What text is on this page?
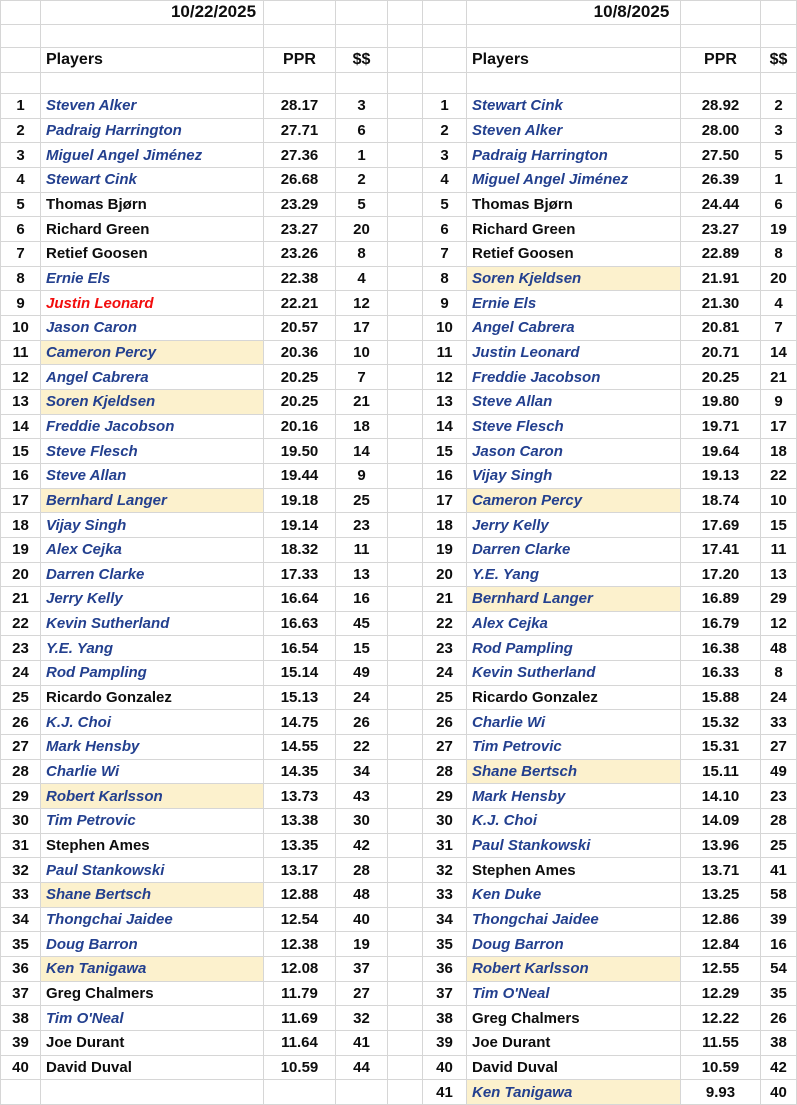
Players	PPR	$$	Players	PPR	$$
1	Steven Alker	28.17	3	1	Stewart Cink	28.92	2
2	Padraig Harrington	27.71	6	2	Steven Alker	28.00	3
3	Miguel Angel Jiménez	27.36	1	3	Padraig Harrington	27.50	5
4	Stewart Cink	26.68	2	4	Miguel Angel Jiménez	26.39	1
5	Thomas Bjørn	23.29	5	5	Thomas Bjørn	24.44	6
6	Richard Green	23.27	20	6	Richard Green	23.27	19
7	Retief Goosen	23.26	8	7	Retief Goosen	22.89	8
8	Ernie Els	22.38	4	8	Soren Kjeldsen	21.91	20
9	Justin Leonard	22.21	12	9	Ernie Els	21.30	4
10	Jason Caron	20.57	17	10	Angel Cabrera	20.81	7
11	Cameron Percy	20.36	10	11	Justin Leonard	20.71	14
12	Angel Cabrera	20.25	7	12	Freddie Jacobson	20.25	21
13	Soren Kjeldsen	20.25	21	13	Steve Allan	19.80	9
14	Freddie Jacobson	20.16	18	14	Steve Flesch	19.71	17
15	Steve Flesch	19.50	14	15	Jason Caron	19.64	18
16	Steve Allan	19.44	9	16	Vijay Singh	19.13	22
17	Bernhard Langer	19.18	25	17	Cameron Percy	18.74	10
18	Vijay Singh	19.14	23	18	Jerry Kelly	17.69	15
19	Alex Cejka	18.32	11	19	Darren Clarke	17.41	11
20	Darren Clarke	17.33	13	20	Y.E. Yang	17.20	13
21	Jerry Kelly	16.64	16	21	Bernhard Langer	16.89	29
22	Kevin Sutherland	16.63	45	22	Alex Cejka	16.79	12
23	Y.E. Yang	16.54	15	23	Rod Pampling	16.38	48
24	Rod Pampling	15.14	49	24	Kevin Sutherland	16.33	8
25	Ricardo Gonzalez	15.13	24	25	Ricardo Gonzalez	15.88	24
26	K.J. Choi	14.75	26	26	Charlie Wi	15.32	33
27	Mark Hensby	14.55	22	27	Tim Petrovic	15.31	27
28	Charlie Wi	14.35	34	28	Shane Bertsch	15.11	49
29	Robert Karlsson	13.73	43	29	Mark Hensby	14.10	23
30	Tim Petrovic	13.38	30	30	K.J. Choi	14.09	28
31	Stephen Ames	13.35	42	31	Paul Stankowski	13.96	25
32	Paul Stankowski	13.17	28	32	Stephen Ames	13.71	41
33	Shane Bertsch	12.88	48	33	Ken Duke	13.25	58
34	Thongchai Jaidee	12.54	40	34	Thongchai Jaidee	12.86	39
35	Doug Barron	12.38	19	35	Doug Barron	12.84	16
36	Ken Tanigawa	12.08	37	36	Robert Karlsson	12.55	54
37	Greg Chalmers	11.79	27	37	Tim O'Neal	12.29	35
38	Tim O'Neal	11.69	32	38	Greg Chalmers	12.22	26
39	Joe Durant	11.64	41	39	Joe Durant	11.55	38
40	David Duval	10.59	44	40	David Duval	10.59	42
41	Ken Tanigawa	9.93	40
10/22/2025	10/8/2025
